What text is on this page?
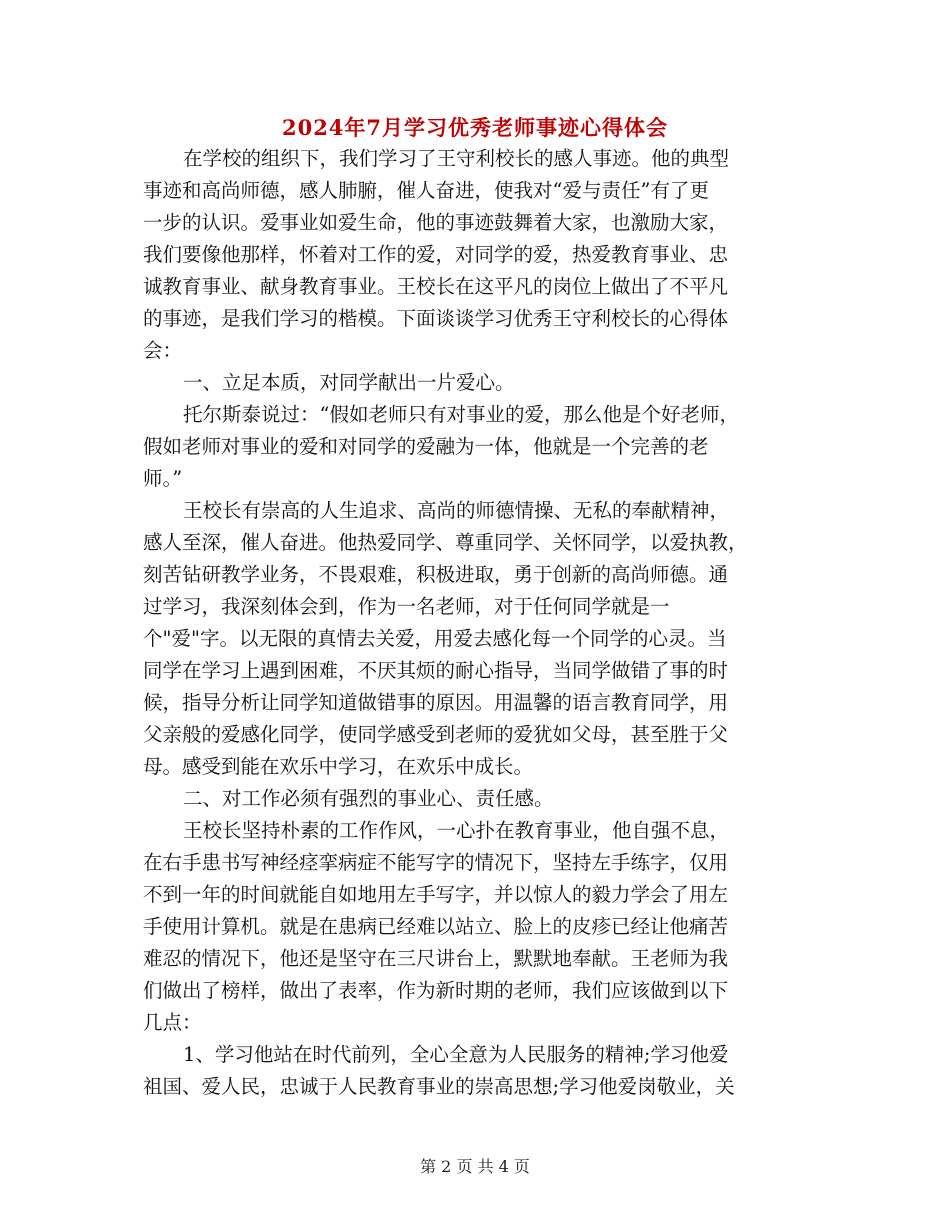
2024年7月学习优秀老师事迹心得体会
在学校的组织下，我们学习了王守利校长的感人事迹。他的典型
事迹和高尚师德，感人肺腑，催人奋进，使我对“爱与责任”有了更
一步的认识。爱事业如爱生命，他的事迹鼓舞着大家，也激励大家，
我们要像他那样，怀着对工作的爱，对同学的爱，热爱教育事业、忠
诚教育事业、献身教育事业。王校长在这平凡的岗位上做出了不平凡
的事迹，是我们学习的楷模。下面谈谈学习优秀王守利校长的心得体
会：
一、立足本质，对同学献出一片爱心。
托尔斯泰说过：“假如老师只有对事业的爱，那么他是个好老师，
假如老师对事业的爱和对同学的爱融为一体，他就是一个完善的老
师。”
王校长有崇高的人生追求、高尚的师德情操、无私的奉献精神，
感人至深，催人奋进。他热爱同学、尊重同学、关怀同学，以爱执教，
刻苦钻研教学业务，不畏艰难，积极进取，勇于创新的高尚师德。通
过学习，我深刻体会到，作为一名老师，对于任何同学就是一
个"爱"字。以无限的真情去关爱，用爱去感化每一个同学的心灵。当
同学在学习上遇到困难，不厌其烦的耐心指导，当同学做错了事的时
候，指导分析让同学知道做错事的原因。用温馨的语言教育同学，用
父亲般的爱感化同学，使同学感受到老师的爱犹如父母，甚至胜于父
母。感受到能在欢乐中学习，在欢乐中成长。
二、对工作必须有强烈的事业心、责任感。
王校长坚持朴素的工作作风，一心扑在教育事业，他自强不息，
在右手患书写神经痉挛病症不能写字的情况下，坚持左手练字，仅用
不到一年的时间就能自如地用左手写字，并以惊人的毅力学会了用左
手使用计算机。就是在患病已经难以站立、脸上的皮疹已经让他痛苦
难忍的情况下，他还是坚守在三尺讲台上，默默地奉献。王老师为我
们做出了榜样，做出了表率，作为新时期的老师，我们应该做到以下
几点：
1、学习他站在时代前列，全心全意为人民服务的精神;学习他爱
祖国、爱人民，忠诚于人民教育事业的崇高思想;学习他爱岗敬业，关
第 2 页 共 4 页
